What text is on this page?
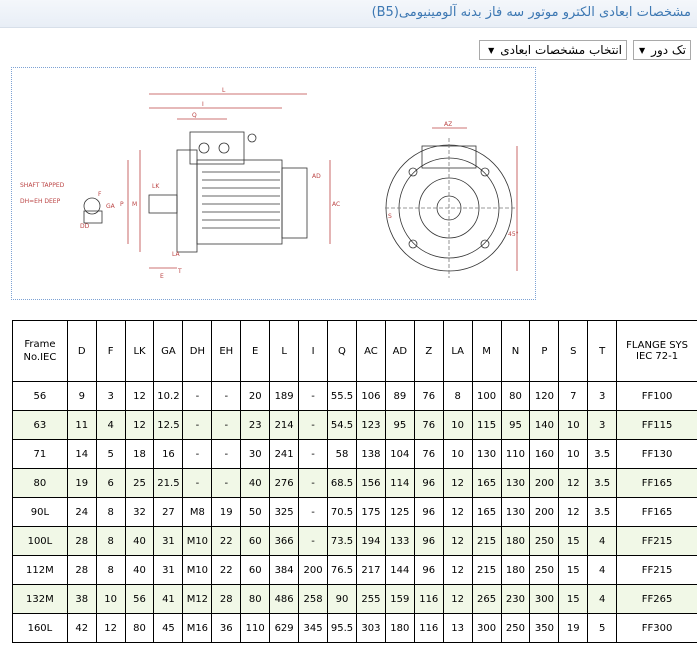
مشخصات ابعادی الکترو موتور سه فاز بدنه آلومینیومی(B5)
تک دور
▼
انتخاب مشخصات ابعادی
▼
L
I
Q
LK
AC
AD
LA
M
P
T
E
AZ
S
45°
SHAFT TAPPED
DH=EH DEEP
F
GA
DD
Frame No.IEC	D	F	LK	GA	DH	EH	E	L	I	Q	AC	AD	Z	LA	M	N	P	S	T	FLANGE SYS IEC 72-1
56	9	3	12	10.2	-	-	20	189	-	55.5	106	89	76	8	100	80	120	7	3	FF100
63	11	4	12	12.5	-	-	23	214	-	54.5	123	95	76	10	115	95	140	10	3	FF115
71	14	5	18	16	-	-	30	241	-	58	138	104	76	10	130	110	160	10	3.5	FF130
80	19	6	25	21.5	-	-	40	276	-	68.5	156	114	96	12	165	130	200	12	3.5	FF165
90L	24	8	32	27	M8	19	50	325	-	70.5	175	125	96	12	165	130	200	12	3.5	FF165
100L	28	8	40	31	M10	22	60	366	-	73.5	194	133	96	12	215	180	250	15	4	FF215
112M	28	8	40	31	M10	22	60	384	200	76.5	217	144	96	12	215	180	250	15	4	FF215
132M	38	10	56	41	M12	28	80	486	258	90	255	159	116	12	265	230	300	15	4	FF265
160L	42	12	80	45	M16	36	110	629	345	95.5	303	180	116	13	300	250	350	19	5	FF300
